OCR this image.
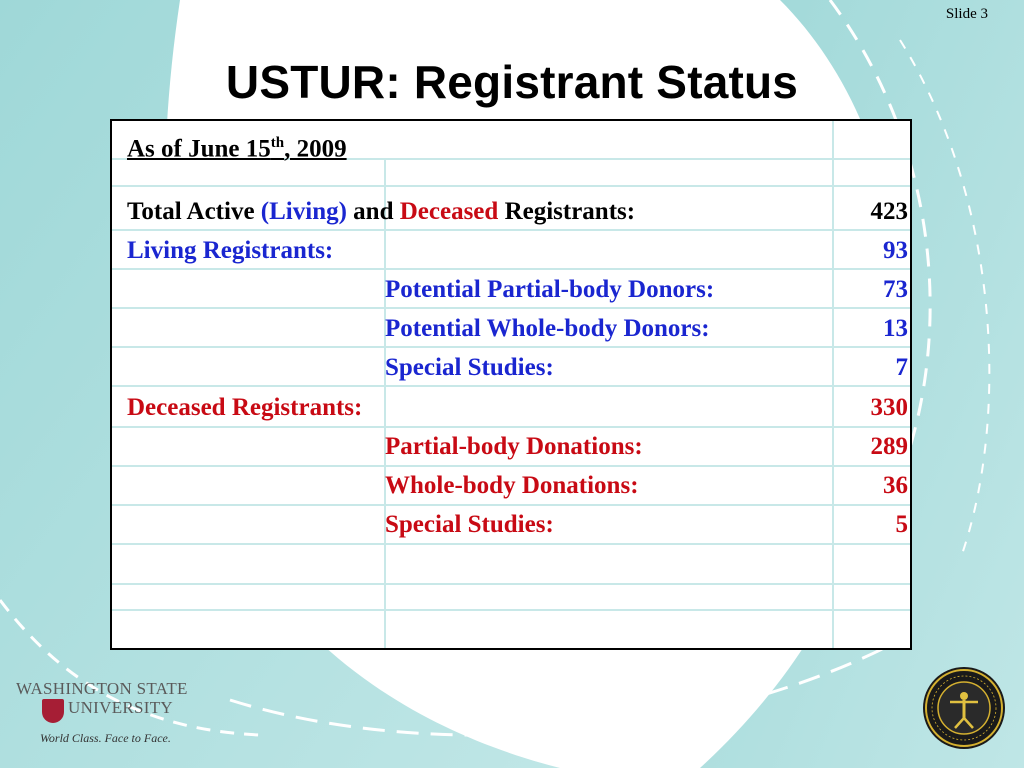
Slide 3
USTUR: Registrant Status
As of June 15th, 2009
Total Active (Living) and Deceased Registrants:	423
Living Registrants:	93
Potential Partial-body Donors:	73
Potential Whole-body Donors:	13
Special Studies:	7
Deceased Registrants:	330
Partial-body Donations:	289
Whole-body Donations:	36
Special Studies:	5
WASHINGTON STATE
UNIVERSITY
World Class. Face to Face.
